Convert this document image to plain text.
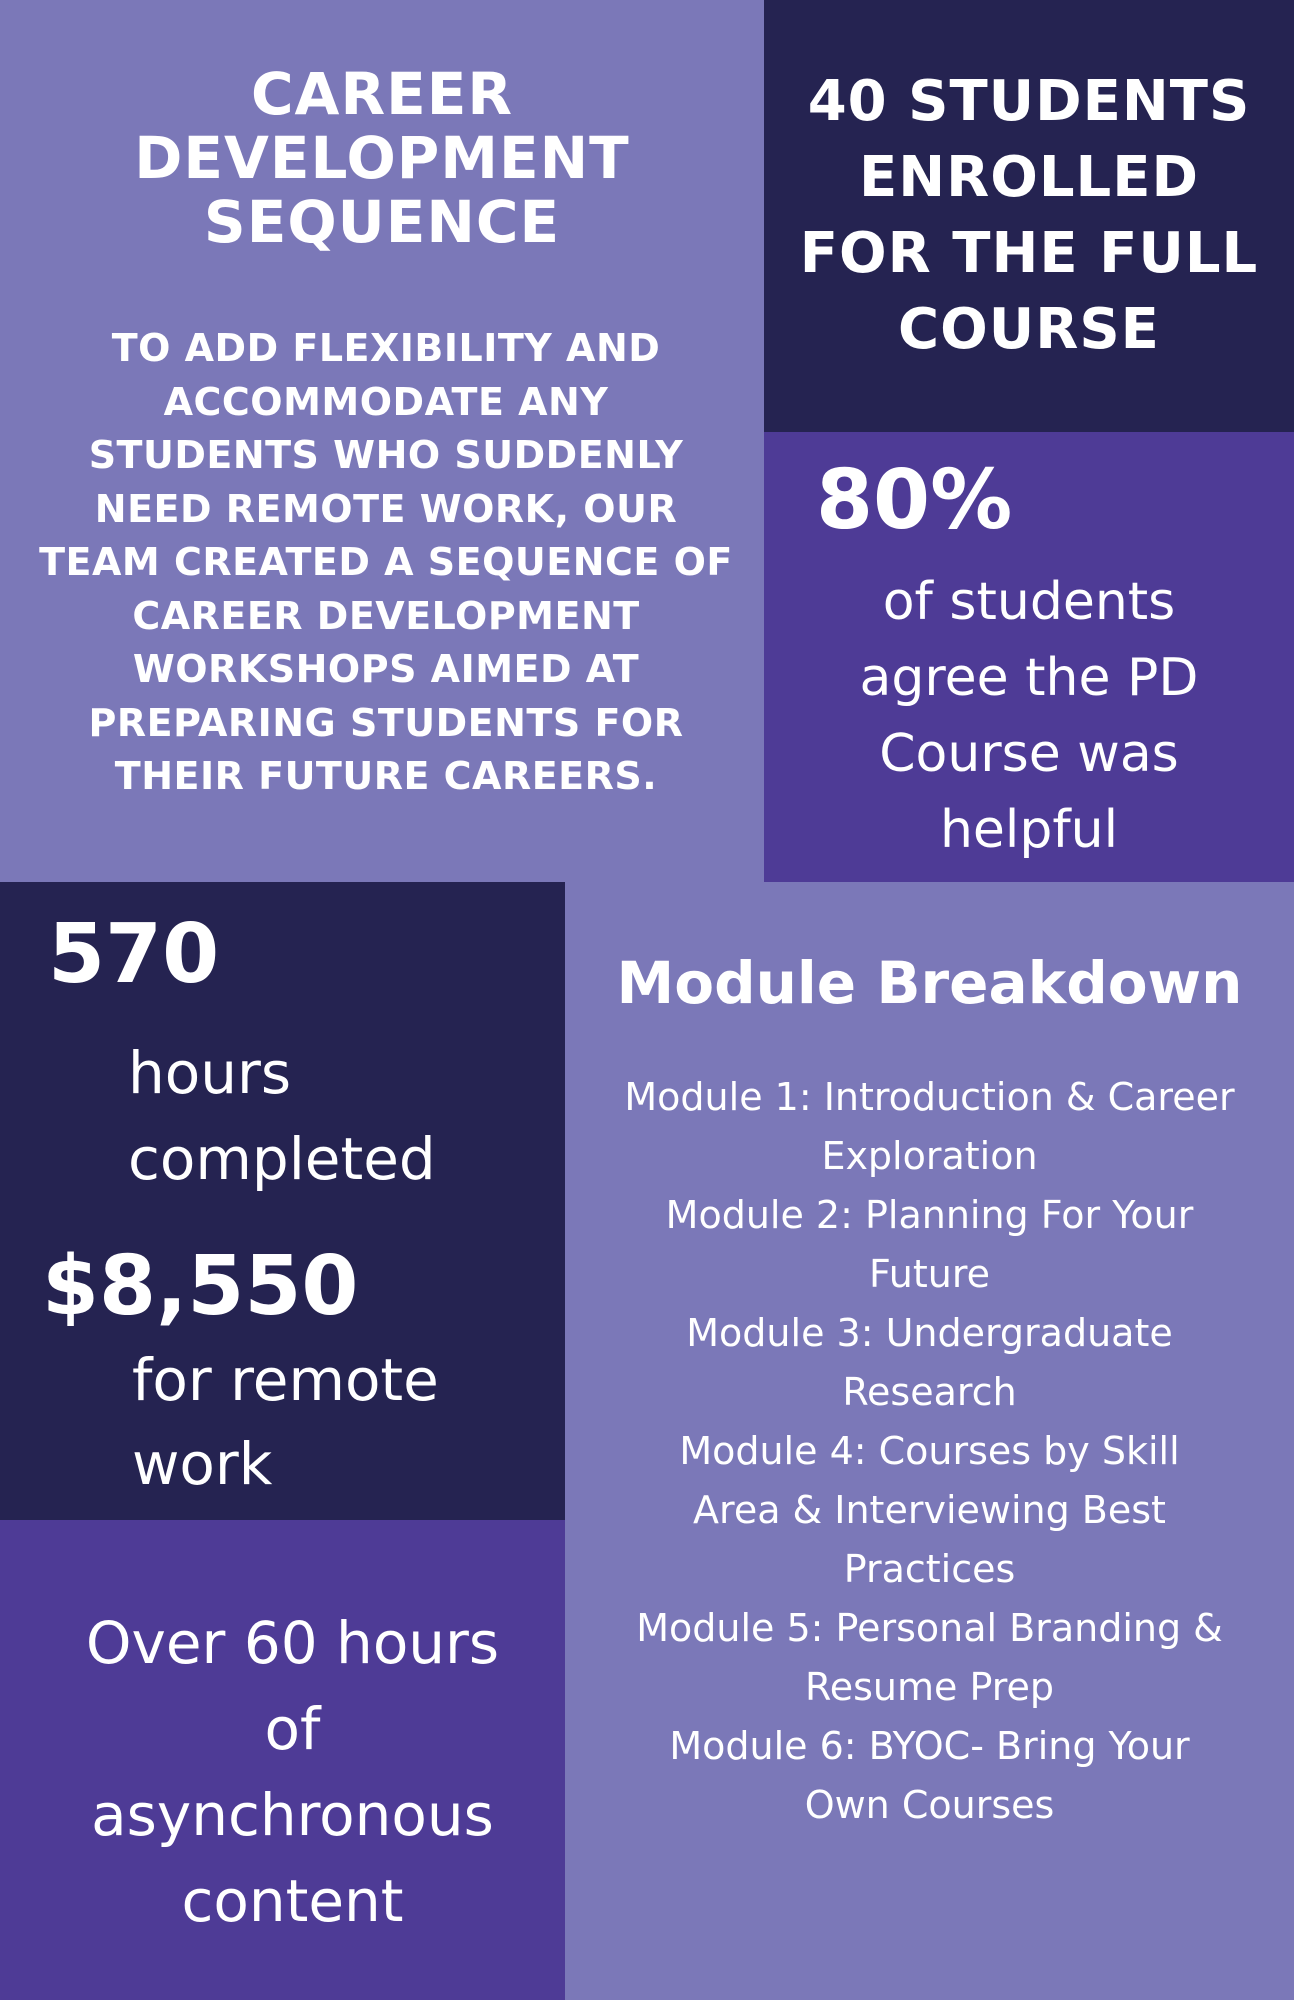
CAREER
DEVELOPMENT
SEQUENCE
TO ADD FLEXIBILITY AND
ACCOMMODATE ANY
STUDENTS WHO SUDDENLY
NEED REMOTE WORK, OUR
TEAM CREATED A SEQUENCE OF
CAREER DEVELOPMENT
WORKSHOPS AIMED AT
PREPARING STUDENTS FOR
THEIR FUTURE CAREERS.
40 STUDENTS
ENROLLED
FOR THE FULL
COURSE
80%
of students
agree the PD
Course was
helpful
570
hours
completed
$8,550
for remote
work
Over 60 hours
of
asynchronous
content
Module Breakdown
Module 1: Introduction & Career
Exploration
Module 2: Planning For Your
Future
Module 3: Undergraduate
Research
Module 4: Courses by Skill
Area & Interviewing Best
Practices
Module 5: Personal Branding &
Resume Prep
Module 6: BYOC- Bring Your
Own Courses
